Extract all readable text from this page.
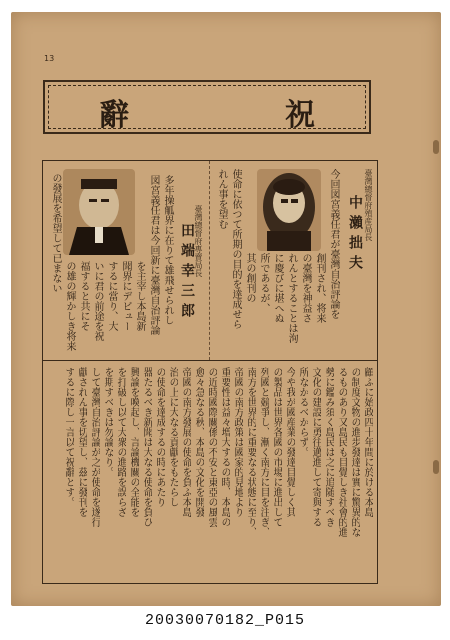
13
辭	祝
臺灣總督府殖産局長
中瀨拙夫
今回図宮義任君が臺灣自治評論を
創刊され、将来
の臺灣を神益さ
れんとすることは洵
に慶びに堪へぬ
所であるが、
其の創刊の
使命に依つて所期の目的を達成せら
れん事を望む
臺灣總督府專賣局長
田端幸三郎
多年操觚界に在りて雄飛せられし
図宮義任君は今回新に臺灣自治評論
を主宰し本島新
聞界にデビュー
するに當り、大
いに君の前途を祝
福すると共にそ
の雄の輝かしき将来
の發展を希望して已まない
顧ふに始政四十年間に於ける本島
の制度文物の進歩發達は實に驚異的な
るものあり又島民も目覺しき社會的進
勢に鑑み須く島民は之に追随すべき
文化の建設に勇往邁進して寄與する
所なかるべからず。
今や我が國産業の發達目覺しく其
の製品は世界各國の市場に進出して
列國と競爭し、漸く南方に目を注ぎ、
南方を世界的に重要なる状態に至り、
帝國の南方政策は國家的見地より
重要性は益々増大するの時、本島の
の近時國際關係の不安と東亞の風雲
愈々急なる秋、本島の文化を開發
帝國の南方發展の使命を負ふ本島
治の上に大なる貢獻をもたらし
の使命を達成するの時にあたり
器たるべき新聞は大なる使命を負ひ
興論を喚起し、言論機關の全能を
を打破し以て大衆の進路を誤らざ
を期すべきは勿論なり。
して臺灣自治評論が之が使命を遂行
獻されん事を切望し、茲に發刊を
するに際し一言以て祝辭とす。
20030070182_P015
